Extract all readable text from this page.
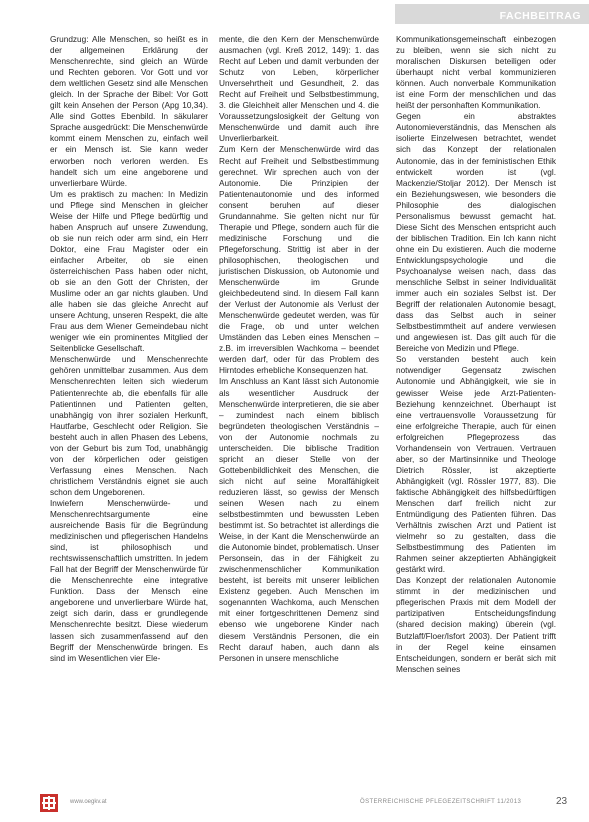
FACHBEITRAG

Grundzug: Alle Menschen, so heißt es in der allgemeinen Erklärung der Menschenrechte, sind gleich an Würde und Rechten geboren. Vor Gott und vor dem weltlichen Gesetz sind alle Menschen gleich. In der Sprache der Bibel: Vor Gott gilt kein Ansehen der Person (Apg 10,34). Alle sind Gottes Ebenbild. In säkularer Sprache ausgedrückt: Die Menschenwürde kommt einem Menschen zu, einfach weil er ein Mensch ist. Sie kann weder erworben noch verloren werden. Es handelt sich um eine angeborene und unverlierbare Würde.

Um es praktisch zu machen: In Medizin und Pflege sind Menschen in gleicher Weise der Hilfe und Pflege bedürftig und haben Anspruch auf unsere Zuwendung, ob sie nun reich oder arm sind, ein Herr Doktor, eine Frau Magister oder ein einfacher Arbeiter, ob sie einen österreichischen Pass haben oder nicht, ob sie an den Gott der Christen, der Muslime oder an gar nichts glauben. Und alle haben sie das gleiche Anrecht auf unsere Achtung, unseren Respekt, die alte Frau aus dem Wiener Gemeindebau nicht weniger wie ein prominentes Mitglied der Seitenblicke Gesellschaft.

Menschenwürde und Menschenrechte gehören unmittelbar zusammen. Aus dem Menschenrechten leiten sich wiederum Patientenrechte ab, die ebenfalls für alle Patientinnen und Patienten gelten, unabhängig von ihrer sozialen Herkunft, Hautfarbe, Geschlecht oder Religion. Sie besteht auch in allen Phasen des Lebens, von der Geburt bis zum Tod, unabhängig von der körperlichen oder geistigen Verfassung eines Menschen. Nach christlichem Verständnis eignet sie auch schon dem Ungeborenen.

Inwiefern Menschenwürde- und Menschenrechtsargumente eine ausreichende Basis für die Begründung medizinischen und pflegerischen Handelns sind, ist philosophisch und rechtswissenschaftlich umstritten. In jedem Fall hat der Begriff der Menschenwürde für die Menschenrechte eine integrative Funktion. Dass der Mensch eine angeborene und unverlierbare Würde hat, zeigt sich darin, dass er grundlegende Menschenrechte besitzt. Diese wiederum lassen sich zusammenfassend auf den Begriff der Menschenwürde bringen. Es sind im Wesentlichen vier Ele-

mente, die den Kern der Menschenwürde ausmachen (vgl. Kreß 2012, 149): 1. das Recht auf Leben und damit verbunden der Schutz von Leben, körperlicher Unversehrtheit und Gesundheit, 2. das Recht auf Freiheit und Selbstbestimmung, 3. die Gleichheit aller Menschen und 4. die Voraussetzungslosigkeit der Geltung von Menschenwürde und damit auch ihre Unverlierbarkeit.

Zum Kern der Menschenwürde wird das Recht auf Freiheit und Selbstbestimmung gerechnet. Wir sprechen auch von der Autonomie. Die Prinzipien der Patientenautonomie und des informed consent beruhen auf dieser Grundannahme. Sie gelten nicht nur für Therapie und Pflege, sondern auch für die medizinische Forschung und die Pflegeforschung. Strittig ist aber in der philosophischen, theologischen und juristischen Diskussion, ob Autonomie und Menschenwürde im Grunde gleichbedeutend sind. In diesem Fall kann der Verlust der Autonomie als Verlust der Menschenwürde gedeutet werden, was für die Frage, ob und unter welchen Umständen das Leben eines Menschen – z.B. im irreversiblen Wachkoma – beendet werden darf, oder für das Problem des Hirntodes erhebliche Konsequenzen hat.

Im Anschluss an Kant lässt sich Autonomie als wesentlicher Ausdruck der Menschenwürde interpretieren, die sie aber – zumindest nach einem biblisch begründeten theologischen Verständnis – von der Autonomie nochmals zu unterscheiden. Die biblische Tradition spricht an dieser Stelle von der Gottebenbildlichkeit des Menschen, die sich nicht auf seine Moralfähigkeit reduzieren lässt, so gewiss der Mensch seinen Wesen nach zu einem selbstbestimmten und bewussten Leben bestimmt ist. So betrachtet ist allerdings die Weise, in der Kant die Menschenwürde an die Autonomie bindet, problematisch. Unser Personsein, das in der Fähigkeit zu zwischenmenschlicher Kommunikation besteht, ist bereits mit unserer leiblichen Existenz gegeben. Auch Menschen im sogenannten Wachkoma, auch Menschen mit einer fortgeschrittenen Demenz sind ebenso wie ungeborene Kinder nach diesem Verständnis Personen, die ein Recht darauf haben, auch dann als Personen in unsere menschliche

Kommunikationsgemeinschaft einbezogen zu bleiben, wenn sie sich nicht zu moralischen Diskursen beteiligen oder überhaupt nicht verbal kommunizieren können. Auch nonverbale Kommunikation ist eine Form der menschlichen und das heißt der personhaften Kommunikation.

Gegen ein abstraktes Autonomieverständnis, das Menschen als isolierte Einzelwesen betrachtet, wendet sich das Konzept der relationalen Autonomie, das in der feministischen Ethik entwickelt worden ist (vgl. Mackenzie/Stoljar 2012). Der Mensch ist ein Beziehungswesen, wie besonders die Philosophie des dialogischen Personalismus bewusst gemacht hat. Diese Sicht des Menschen entspricht auch der biblischen Tradition. Ein Ich kann nicht ohne ein Du existieren. Auch die moderne Entwicklungspsychologie und die Psychoanalyse weisen nach, dass das menschliche Selbst in seiner Individualität immer auch ein soziales Selbst ist. Der Begriff der relationalen Autonomie besagt, dass das Selbst auch in seiner Selbstbestimmtheit auf andere verwiesen und angewiesen ist. Das gilt auch für die Bereiche von Medizin und Pflege.

So verstanden besteht auch kein notwendiger Gegensatz zwischen Autonomie und Abhängigkeit, wie sie in gewisser Weise jede Arzt-Patienten-Beziehung kennzeichnet. Überhaupt ist eine vertrauensvolle Voraussetzung für eine erfolgreiche Therapie, auch für einen erfolgreichen Pflegeprozess das Vorhandensein von Vertrauen. Vertrauen aber, so der Martinsinnike und Theologe Dietrich Rössler, ist akzeptierte Abhängigkeit (vgl. Rössler 1977, 83). Die faktische Abhängigkeit des hilfsbedürftigen Menschen darf freilich nicht zur Entmündigung des Patienten führen. Das Verhältnis zwischen Arzt und Patient ist vielmehr so zu gestalten, dass die Selbstbestimmung des Patienten im Rahmen seiner akzeptierten Abhängigkeit gestärkt wird.

Das Konzept der relationalen Autonomie stimmt in der medizinischen und pflegerischen Praxis mit dem Modell der partizipativen Entscheidungsfindung (shared decision making) überein (vgl. Butzlaff/Floer/Isfort 2003). Der Patient trifft in der Regel keine einsamen Entscheidungen, sondern er berät sich mit Menschen seines

www.oegkv.at	ÖSTERREICHISCHE PFLEGEZEITSCHRIFT 11/2013	23
